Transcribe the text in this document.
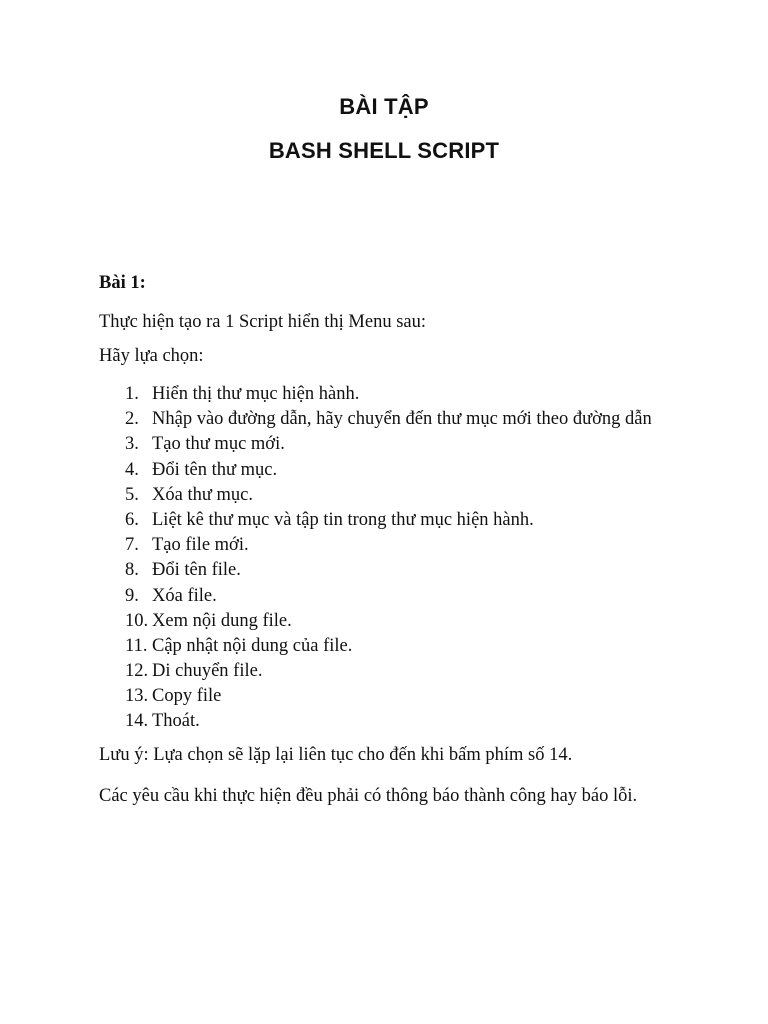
BÀI TẬP
BASH SHELL SCRIPT
Bài 1:
Thực hiện tạo ra 1 Script hiển thị Menu sau:
Hãy lựa chọn:
1. Hiển thị thư mục hiện hành.
2. Nhập vào đường dẫn, hãy chuyển đến thư mục mới theo đường dẫn
3. Tạo thư mục mới.
4. Đổi tên thư mục.
5. Xóa thư mục.
6. Liệt kê thư mục và tập tin trong thư mục hiện hành.
7. Tạo file mới.
8. Đổi tên file.
9. Xóa file.
10. Xem nội dung file.
11. Cập nhật nội dung của file.
12. Di chuyển file.
13. Copy file
14. Thoát.
Lưu ý: Lựa chọn sẽ lặp lại liên tục cho đến khi bấm phím số 14.
Các yêu cầu khi thực hiện đều phải có thông báo thành công hay báo lỗi.
